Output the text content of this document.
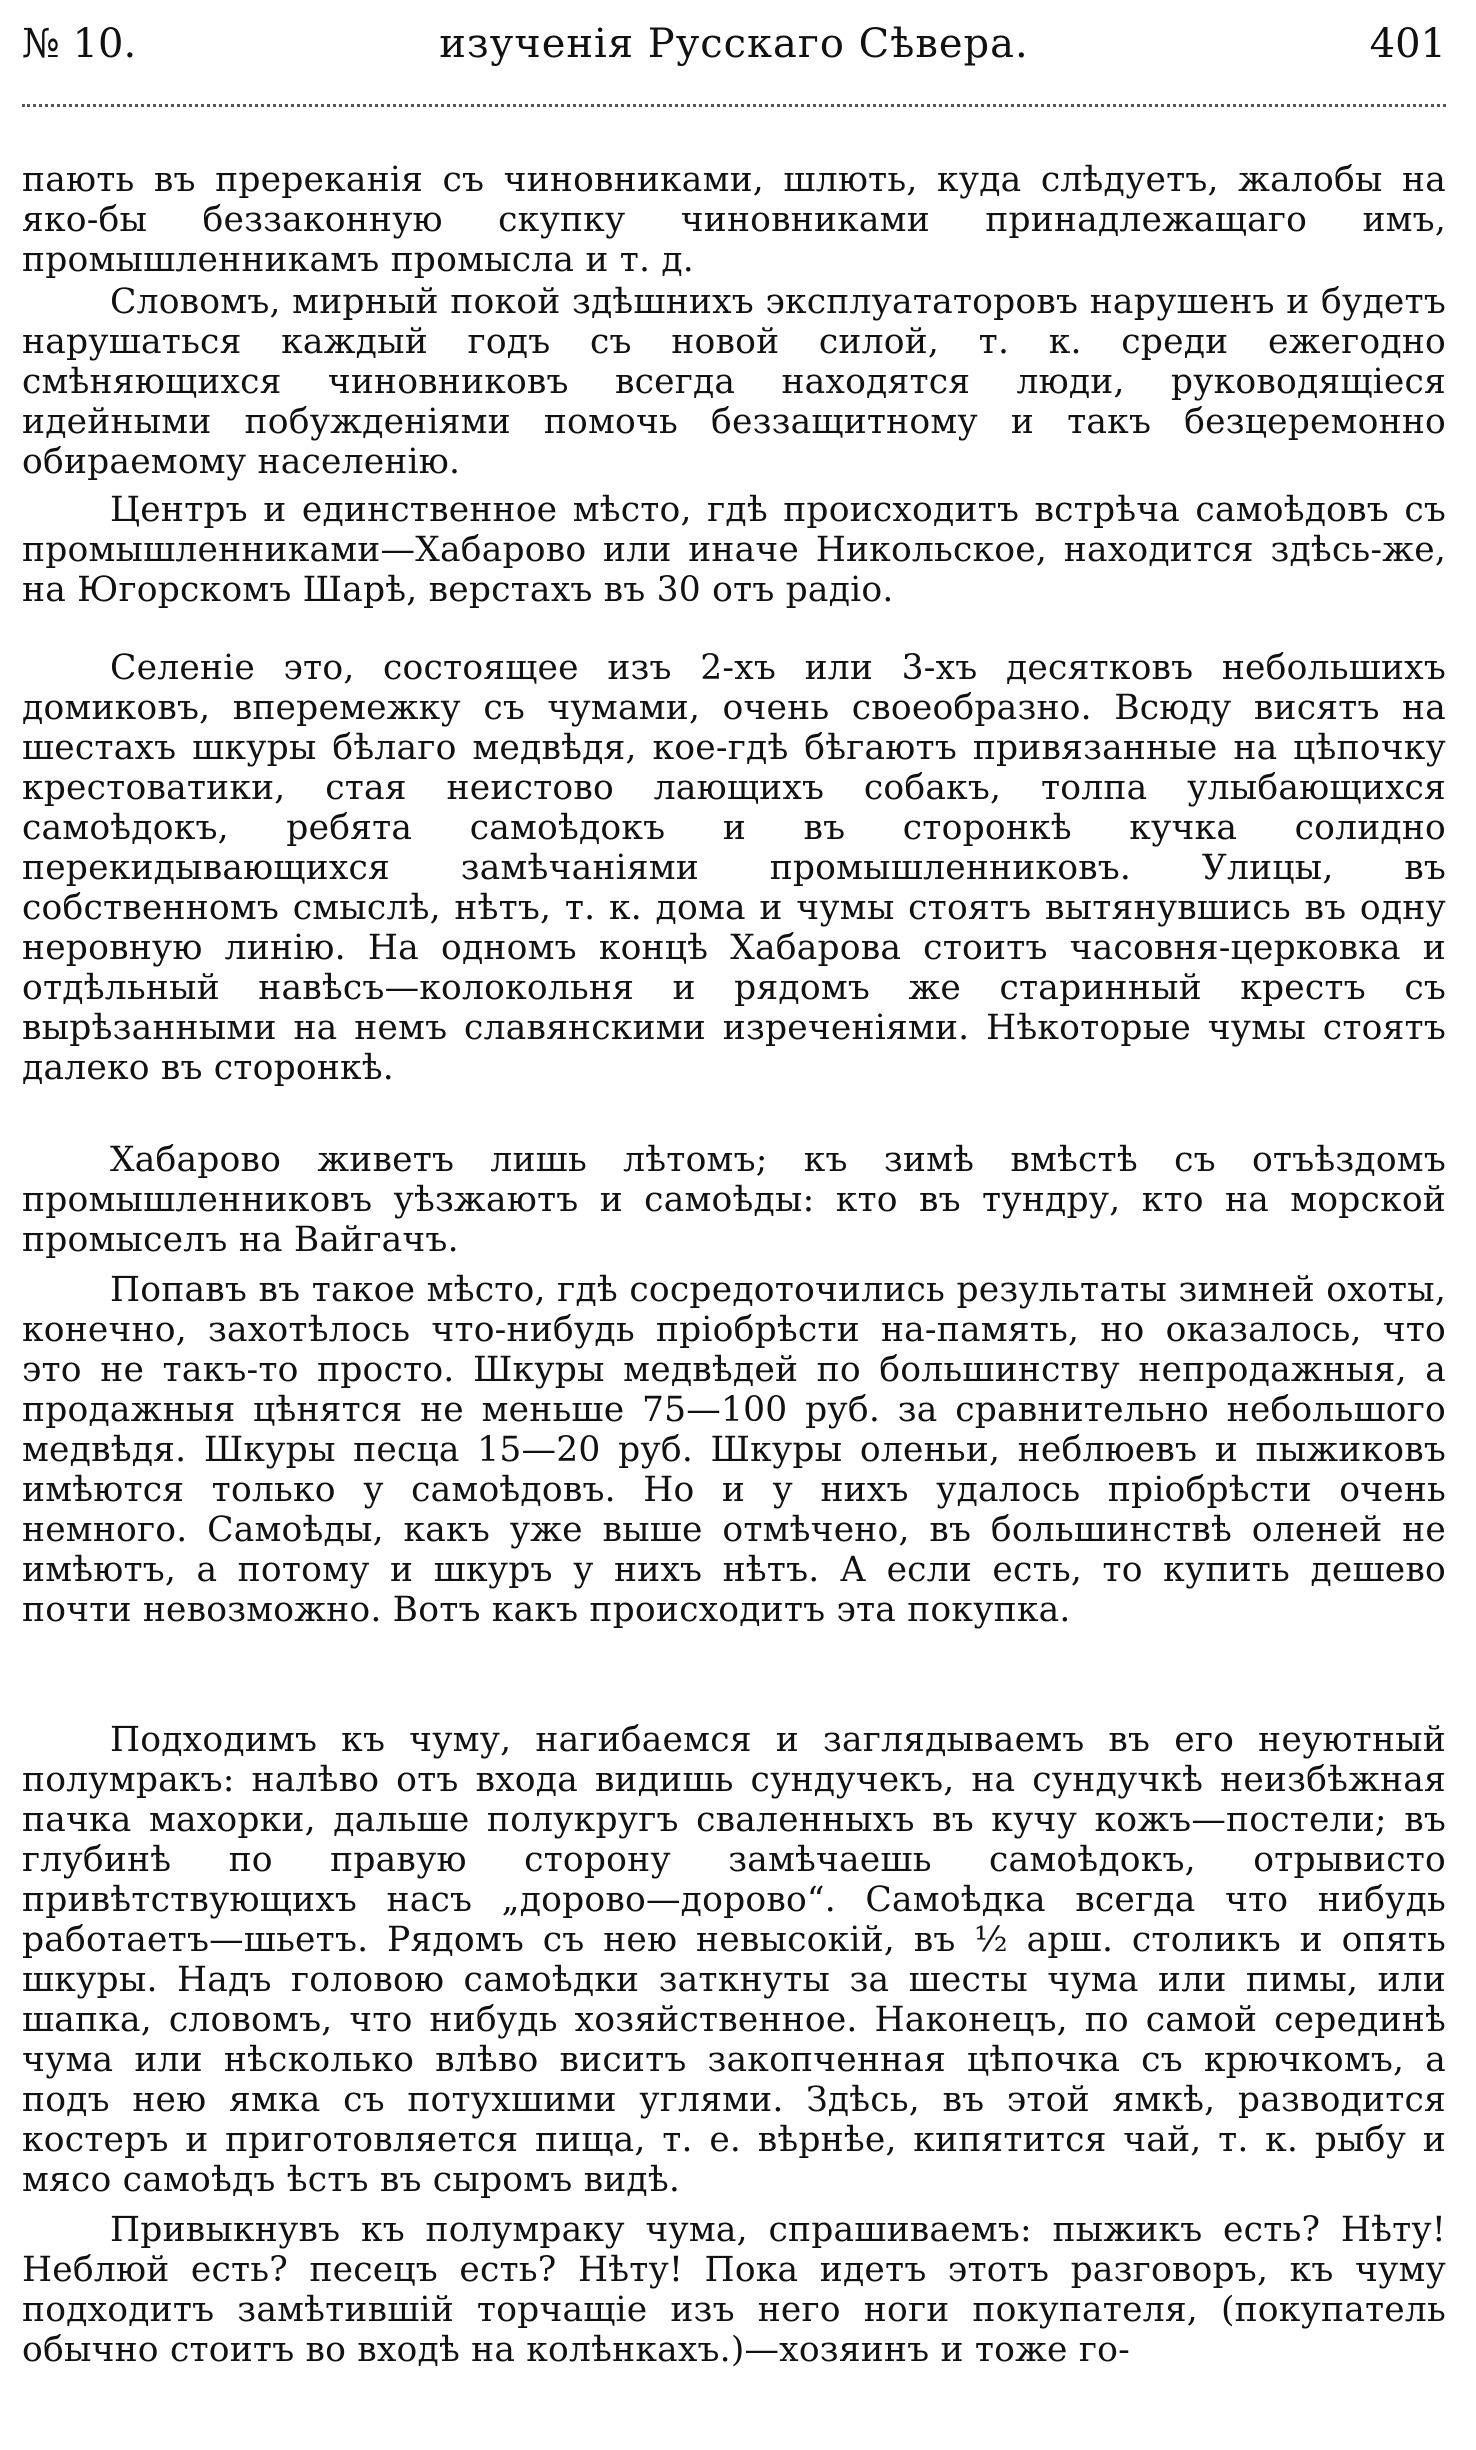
изученія Русскаго Сѣвера.
№ 10.	401

пають въ пререканія съ чиновниками, шлють, куда слѣдуетъ, жалобы на яко-бы беззаконную скупку чиновниками принадлежащаго имъ, промышленникамъ промысла и т. д.

Словомъ, мирный покой здѣшнихъ эксплуататоровъ нарушенъ и будетъ нарушаться каждый годъ съ новой силой, т. к. среди ежегодно смѣняющихся чиновниковъ всегда находятся люди, руководящіеся идейными побужденіями помочь беззащитному и такъ безцеремонно обираемому населенію.

Центръ и единственное мѣсто, гдѣ происходитъ встрѣча самоѣдовъ съ промышленниками—Хабарово или иначе Никольское, находится здѣсь-же, на Югорскомъ Шарѣ, верстахъ въ 30 отъ радіо.

Селеніе это, состоящее изъ 2-хъ или 3-хъ десятковъ небольшихъ домиковъ, вперемежку съ чумами, очень своеобразно. Всюду висятъ на шестахъ шкуры бѣлаго медвѣдя, кое-гдѣ бѣгаютъ привязанные на цѣпочку крестоватики, стая неистово лающихъ собакъ, толпа улыбающихся самоѣдокъ, ребята самоѣдокъ и въ сторонкѣ кучка солидно перекидывающихся замѣчаніями промышленниковъ. Улицы, въ собственномъ смыслѣ, нѣтъ, т. к. дома и чумы стоятъ вытянувшись въ одну неровную линію. На одномъ концѣ Хабарова стоитъ часовня-церковка и отдѣльный навѣсъ—колокольня и рядомъ же старинный крестъ съ вырѣзанными на немъ славянскими изреченіями. Нѣкоторые чумы стоятъ далеко въ сторонкѣ.

Хабарово живетъ лишь лѣтомъ; къ зимѣ вмѣстѣ съ отъѣздомъ промышленниковъ уѣзжаютъ и самоѣды: кто въ тундру, кто на морской промыселъ на Вайгачъ.

Попавъ въ такое мѣсто, гдѣ сосредоточились результаты зимней охоты, конечно, захотѣлось что-нибудь пріобрѣсти на-память, но оказалось, что это не такъ-то просто. Шкуры медвѣдей по большинству непродажныя, а продажныя цѣнятся не меньше 75—100 руб. за сравнительно небольшого медвѣдя. Шкуры песца 15—20 руб. Шкуры оленьи, неблюевъ и пыжиковъ имѣются только у самоѣдовъ. Но и у нихъ удалось пріобрѣсти очень немного. Самоѣды, какъ уже выше отмѣчено, въ большинствѣ оленей не имѣютъ, а потому и шкуръ у нихъ нѣтъ. А если есть, то купить дешево почти невозможно. Вотъ какъ происходитъ эта покупка.

Подходимъ къ чуму, нагибаемся и заглядываемъ въ его неуютный полумракъ: налѣво отъ входа видишь сундучекъ, на сундучкѣ неизбѣжная пачка махорки, дальше полукругъ сваленныхъ въ кучу кожъ—постели; въ глубинѣ по правую сторону замѣчаешь самоѣдокъ, отрывисто привѣтствующихъ насъ „дорово—дорово“. Самоѣдка всегда что нибудь работаетъ—шьетъ. Рядомъ съ нею невысокій, въ ½ арш. столикъ и опять шкуры. Надъ головою самоѣдки заткнуты за шесты чума или пимы, или шапка, словомъ, что нибудь хозяйственное. Наконецъ, по самой серединѣ чума или нѣсколько влѣво виситъ закопченная цѣпочка съ крючкомъ, а подъ нею ямка съ потухшими углями. Здѣсь, въ этой ямкѣ, разводится костеръ и приготовляется пища, т. е. вѣрнѣе, кипятится чай, т. к. рыбу и мясо самоѣдъ ѣстъ въ сыромъ видѣ.

Привыкнувъ къ полумраку чума, спрашиваемъ: пыжикъ есть? Нѣту! Неблюй есть? песецъ есть? Нѣту! Пока идетъ этотъ разговоръ, къ чуму подходитъ замѣтившій торчащіе изъ него ноги покупателя, (покупатель обычно стоитъ во входѣ на колѣнкахъ.)—хозяинъ и тоже го-
